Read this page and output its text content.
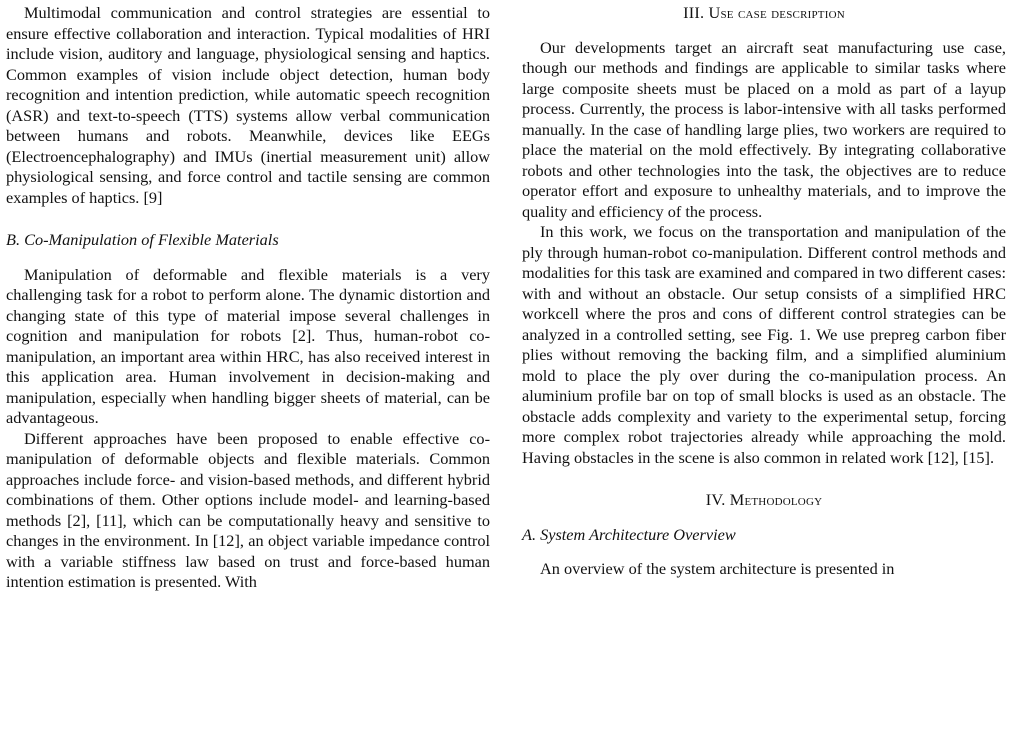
Multimodal communication and control strategies are essential to ensure effective collaboration and interaction. Typical modalities of HRI include vision, auditory and language, physiological sensing and haptics. Common examples of vision include object detection, human body recognition and intention prediction, while automatic speech recognition (ASR) and text-to-speech (TTS) systems allow verbal communication between humans and robots. Meanwhile, devices like EEGs (Electroencephalography) and IMUs (inertial measurement unit) allow physiological sensing, and force control and tactile sensing are common examples of haptics. [9]

B. Co-Manipulation of Flexible Materials

Manipulation of deformable and flexible materials is a very challenging task for a robot to perform alone. The dynamic distortion and changing state of this type of material impose several challenges in cognition and manipulation for robots [2]. Thus, human-robot co-manipulation, an important area within HRC, has also received interest in this application area. Human involvement in decision-making and manipulation, especially when handling bigger sheets of material, can be advantageous.

Different approaches have been proposed to enable effective co-manipulation of deformable objects and flexible materials. Common approaches include force- and vision-based methods, and different hybrid combinations of them. Other options include model- and learning-based methods [2], [11], which can be computationally heavy and sensitive to changes in the environment. In [12], an object variable impedance control with a variable stiffness law based on trust and force-based human intention estimation is presented. With

III. Use case description

Our developments target an aircraft seat manufacturing use case, though our methods and findings are applicable to similar tasks where large composite sheets must be placed on a mold as part of a layup process. Currently, the process is labor-intensive with all tasks performed manually. In the case of handling large plies, two workers are required to place the material on the mold effectively. By integrating collaborative robots and other technologies into the task, the objectives are to reduce operator effort and exposure to unhealthy materials, and to improve the quality and efficiency of the process.

In this work, we focus on the transportation and manipulation of the ply through human-robot co-manipulation. Different control methods and modalities for this task are examined and compared in two different cases: with and without an obstacle. Our setup consists of a simplified HRC workcell where the pros and cons of different control strategies can be analyzed in a controlled setting, see Fig. 1. We use prepreg carbon fiber plies without removing the backing film, and a simplified aluminium mold to place the ply over during the co-manipulation process. An aluminium profile bar on top of small blocks is used as an obstacle. The obstacle adds complexity and variety to the experimental setup, forcing more complex robot trajectories already while approaching the mold. Having obstacles in the scene is also common in related work [12], [15].

IV. Methodology
A. System Architecture Overview

An overview of the system architecture is presented in
